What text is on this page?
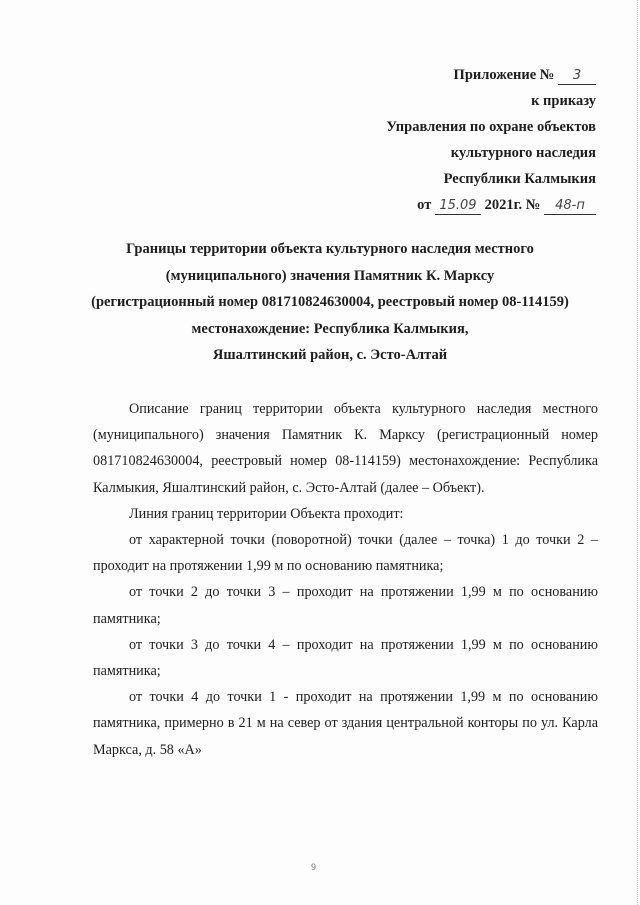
Приложение № 3
к приказу
Управления по охране объектов
культурного наследия
Республики Калмыкия
от 15.09 2021г. № 48-п
Границы территории объекта культурного наследия местного
(муниципального) значения Памятник К. Марксу
(регистрационный номер 081710824630004, реестровый номер 08-114159)
местонахождение: Республика Калмыкия,
Яшалтинский район, с. Эсто-Алтай

Описание границ территории объекта культурного наследия местного (муниципального) значения Памятник К. Марксу (регистрационный номер 081710824630004, реестровый номер 08-114159) местонахождение: Республика Калмыкия, Яшалтинский район, с. Эсто-Алтай (далее – Объект).

Линия границ территории Объекта проходит:

от характерной точки (поворотной) точки (далее – точка) 1 до точки 2 – проходит на протяжении 1,99 м по основанию памятника;

от точки 2 до точки 3 – проходит на протяжении 1,99 м по основанию памятника;

от точки 3 до точки 4 – проходит на протяжении 1,99 м по основанию памятника;

от точки 4 до точки 1 - проходит на протяжении 1,99 м по основанию памятника, примерно в 21 м на север от здания центральной конторы по ул. Карла Маркса, д. 58 «А»

9
